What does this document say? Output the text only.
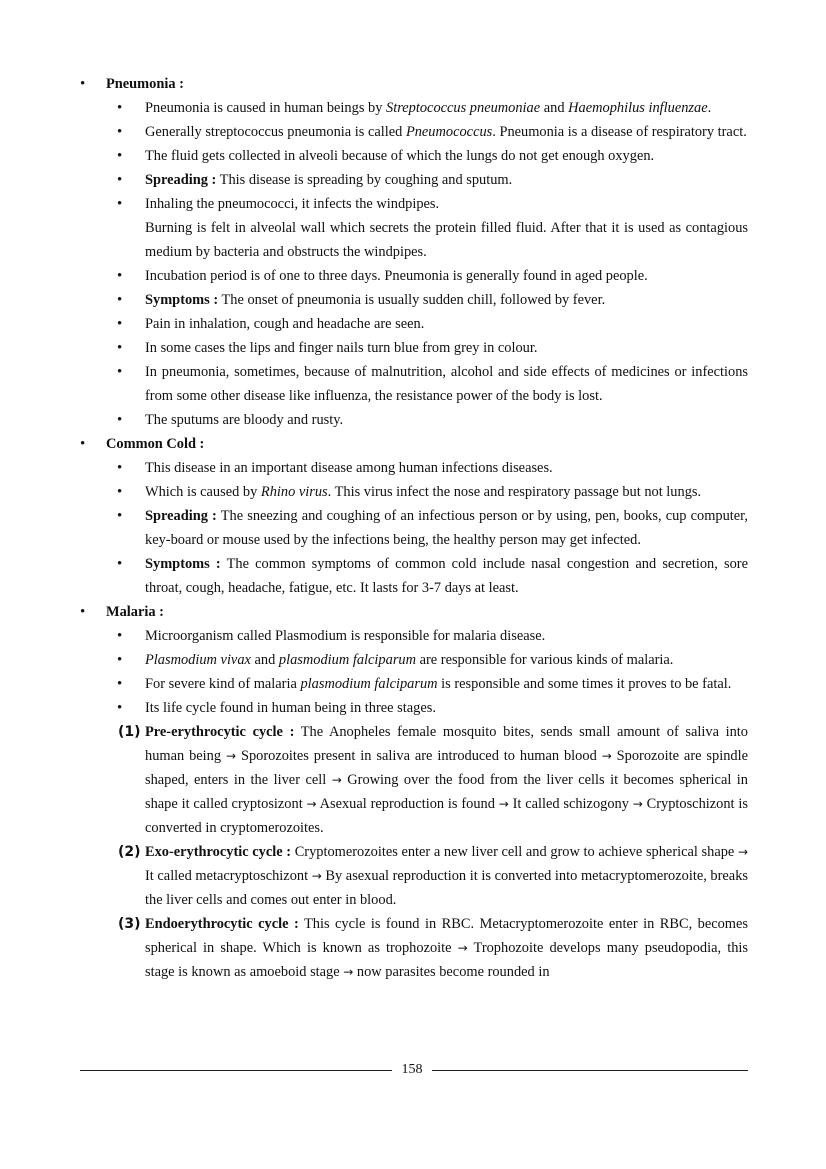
• Pneumonia :
• Pneumonia is caused in human beings by Streptococcus pneumoniae and Haemophilus influenzae.
• Generally streptococcus pneumonia is called Pneumococcus. Pneumonia is a disease of respiratory tract.
• The fluid gets collected in alveoli because of which the lungs do not get enough oxygen.
• Spreading : This disease is spreading by coughing and sputum.
• Inhaling the pneumococci, it infects the windpipes.
Burning is felt in alveolal wall which secrets the protein filled fluid. After that it is used as contagious medium by bacteria and obstructs the windpipes.
• Incubation period is of one to three days. Pneumonia is generally found in aged people.
• Symptoms : The onset of pneumonia is usually sudden chill, followed by fever.
• Pain in inhalation, cough and headache are seen.
• In some cases the lips and finger nails turn blue from grey in colour.
• In pneumonia, sometimes, because of malnutrition, alcohol and side effects of medicines or infections from some other disease like influenza, the resistance power of the body is lost.
• The sputums are bloody and rusty.
• Common Cold :
• This disease in an important disease among human infections diseases.
• Which is caused by Rhino virus. This virus infect the nose and respiratory passage but not lungs.
• Spreading : The sneezing and coughing of an infectious person or by using, pen, books, cup computer, key-board or mouse used by the infections being, the healthy person may get infected.
• Symptoms : The common symptoms of common cold include nasal congestion and secretion, sore throat, cough, headache, fatigue, etc. It lasts for 3-7 days at least.
• Malaria :
• Microorganism called Plasmodium is responsible for malaria disease.
• Plasmodium vivax and plasmodium falciparum are responsible for various kinds of malaria.
• For severe kind of malaria plasmodium falciparum is responsible and some times it proves to be fatal.
• Its life cycle found in human being in three stages.
(1) Pre-erythrocytic cycle : The Anopheles female mosquito bites, sends small amount of saliva into human being → Sporozoites present in saliva are introduced to human blood → Sporozoite are spindle shaped, enters in the liver cell → Growing over the food from the liver cells it becomes spherical in shape it called cryptosizont → Asexual reproduction is found → It called schizogony → Cryptoschizont is converted in cryptomerozoites.
(2) Exo-erythrocytic cycle : Cryptomerozoites enter a new liver cell and grow to achieve spherical shape → It called metacryptoschizont → By asexual reproduction it is converted into metacryptomerozoite, breaks the liver cells and comes out enter in blood.
(3) Endoerythrocytic cycle : This cycle is found in RBC. Metacryptomerozoite enter in RBC, becomes spherical in shape. Which is known as trophozoite → Trophozoite develops many pseudopodia, this stage is known as amoeboid stage → now parasites become rounded in
158
